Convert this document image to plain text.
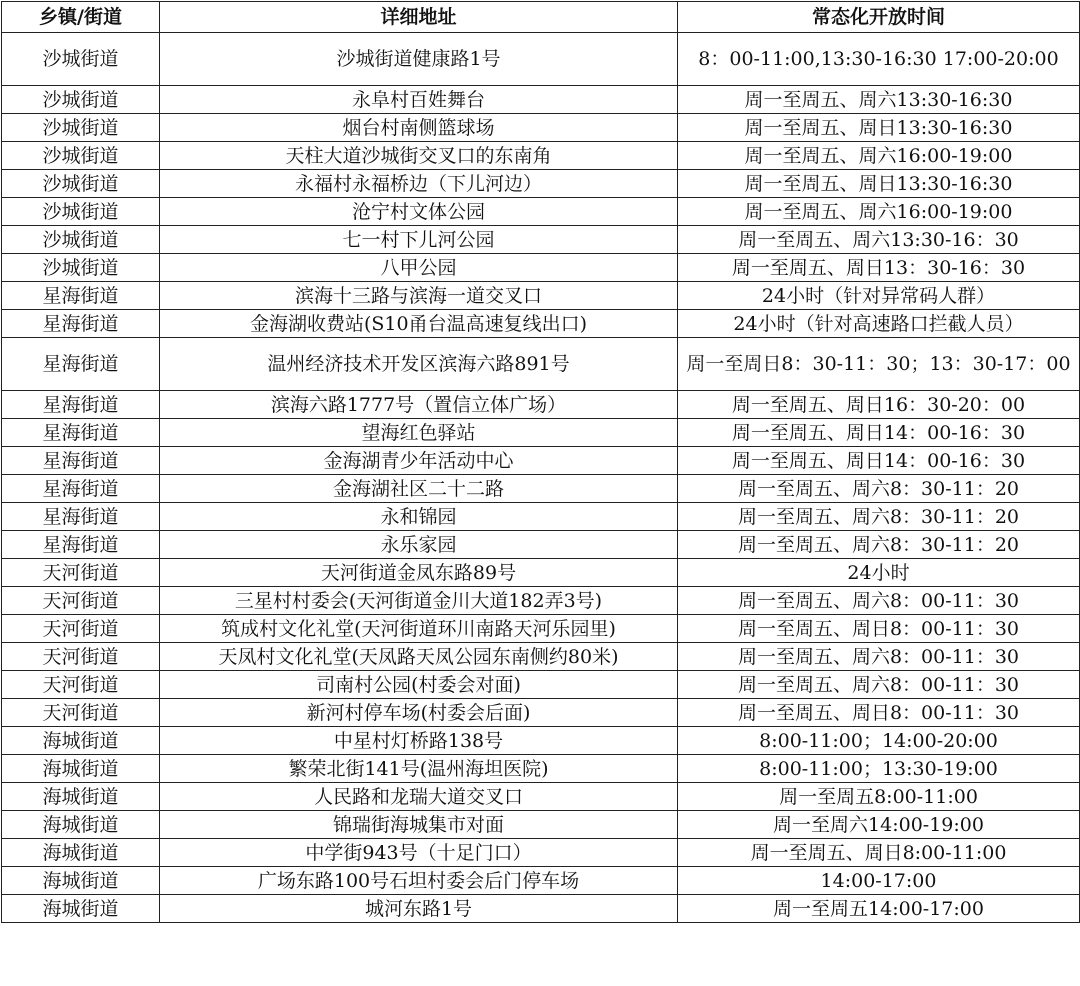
乡镇/街道	详细地址	常态化开放时间
沙城街道	沙城街道健康路1号	8：00-11:00,13:30-16:30 17:00-20:00
沙城街道	永阜村百姓舞台	周一至周五、周六13:30-16:30
沙城街道	烟台村南侧篮球场	周一至周五、周日13:30-16:30
沙城街道	天柱大道沙城街交叉口的东南角	周一至周五、周六16:00-19:00
沙城街道	永福村永福桥边（下儿河边）	周一至周五、周日13:30-16:30
沙城街道	沧宁村文体公园	周一至周五、周六16:00-19:00
沙城街道	七一村下儿河公园	周一至周五、周六13:30-16：30
沙城街道	八甲公园	周一至周五、周日13：30-16：30
星海街道	滨海十三路与滨海一道交叉口	24小时（针对异常码人群）
星海街道	金海湖收费站(S10甬台温高速复线出口)	24小时（针对高速路口拦截人员）
星海街道	温州经济技术开发区滨海六路891号	周一至周日8：30-11：30；13：30-17：00
星海街道	滨海六路1777号（置信立体广场）	周一至周五、周日16：30-20：00
星海街道	望海红色驿站	周一至周五、周日14：00-16：30
星海街道	金海湖青少年活动中心	周一至周五、周日14：00-16：30
星海街道	金海湖社区二十二路	周一至周五、周六8：30-11：20
星海街道	永和锦园	周一至周五、周六8：30-11：20
星海街道	永乐家园	周一至周五、周六8：30-11：20
天河街道	天河街道金凤东路89号	24小时
天河街道	三星村村委会(天河街道金川大道182弄3号)	周一至周五、周六8：00-11：30
天河街道	筑成村文化礼堂(天河街道环川南路天河乐园里)	周一至周五、周日8：00-11：30
天河街道	天凤村文化礼堂(天凤路天凤公园东南侧约80米)	周一至周五、周六8：00-11：30
天河街道	司南村公园(村委会对面)	周一至周五、周六8：00-11：30
天河街道	新河村停车场(村委会后面)	周一至周五、周日8：00-11：30
海城街道	中星村灯桥路138号	8:00-11:00；14:00-20:00
海城街道	繁荣北街141号(温州海坦医院)	8:00-11:00；13:30-19:00
海城街道	人民路和龙瑞大道交叉口	周一至周五8:00-11:00
海城街道	锦瑞街海城集市对面	周一至周六14:00-19:00
海城街道	中学街943号（十足门口）	周一至周五、周日8:00-11:00
海城街道	广场东路100号石坦村委会后门停车场	14:00-17:00
海城街道	城河东路1号	周一至周五14:00-17:00
